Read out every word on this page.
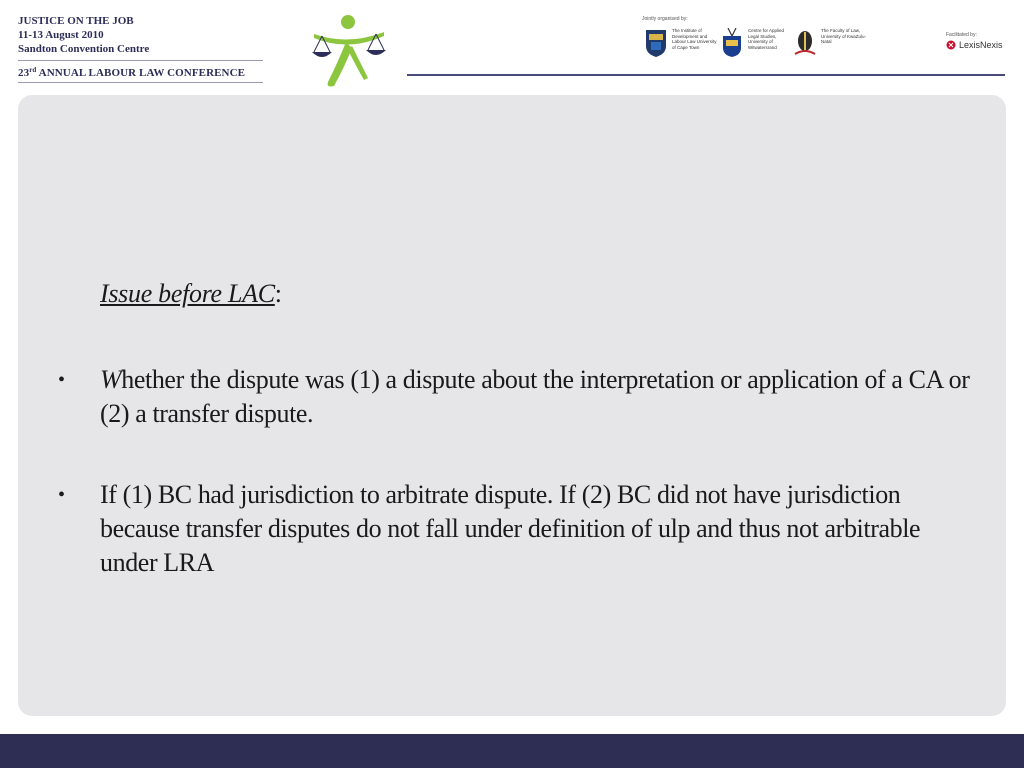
JUSTICE ON THE JOB
11-13 August 2010
Sandton Convention Centre
23rd ANNUAL LABOUR LAW CONFERENCE
Jointly organised by:
The Institute of Development and Labour Law University of Cape Town
Centre for Applied Legal Studies, University of Witwatersrand
The Faculty of Law, University of KwaZulu-Natal
Facilitated by:
LexisNexis
Issue before LAC:
• Whether the dispute was (1) a dispute about the interpretation or application of a CA or (2) a transfer dispute.
• If (1) BC had jurisdiction to arbitrate dispute. If (2) BC did not have jurisdiction because transfer disputes do not fall under definition of ulp and thus not arbitrable under LRA
